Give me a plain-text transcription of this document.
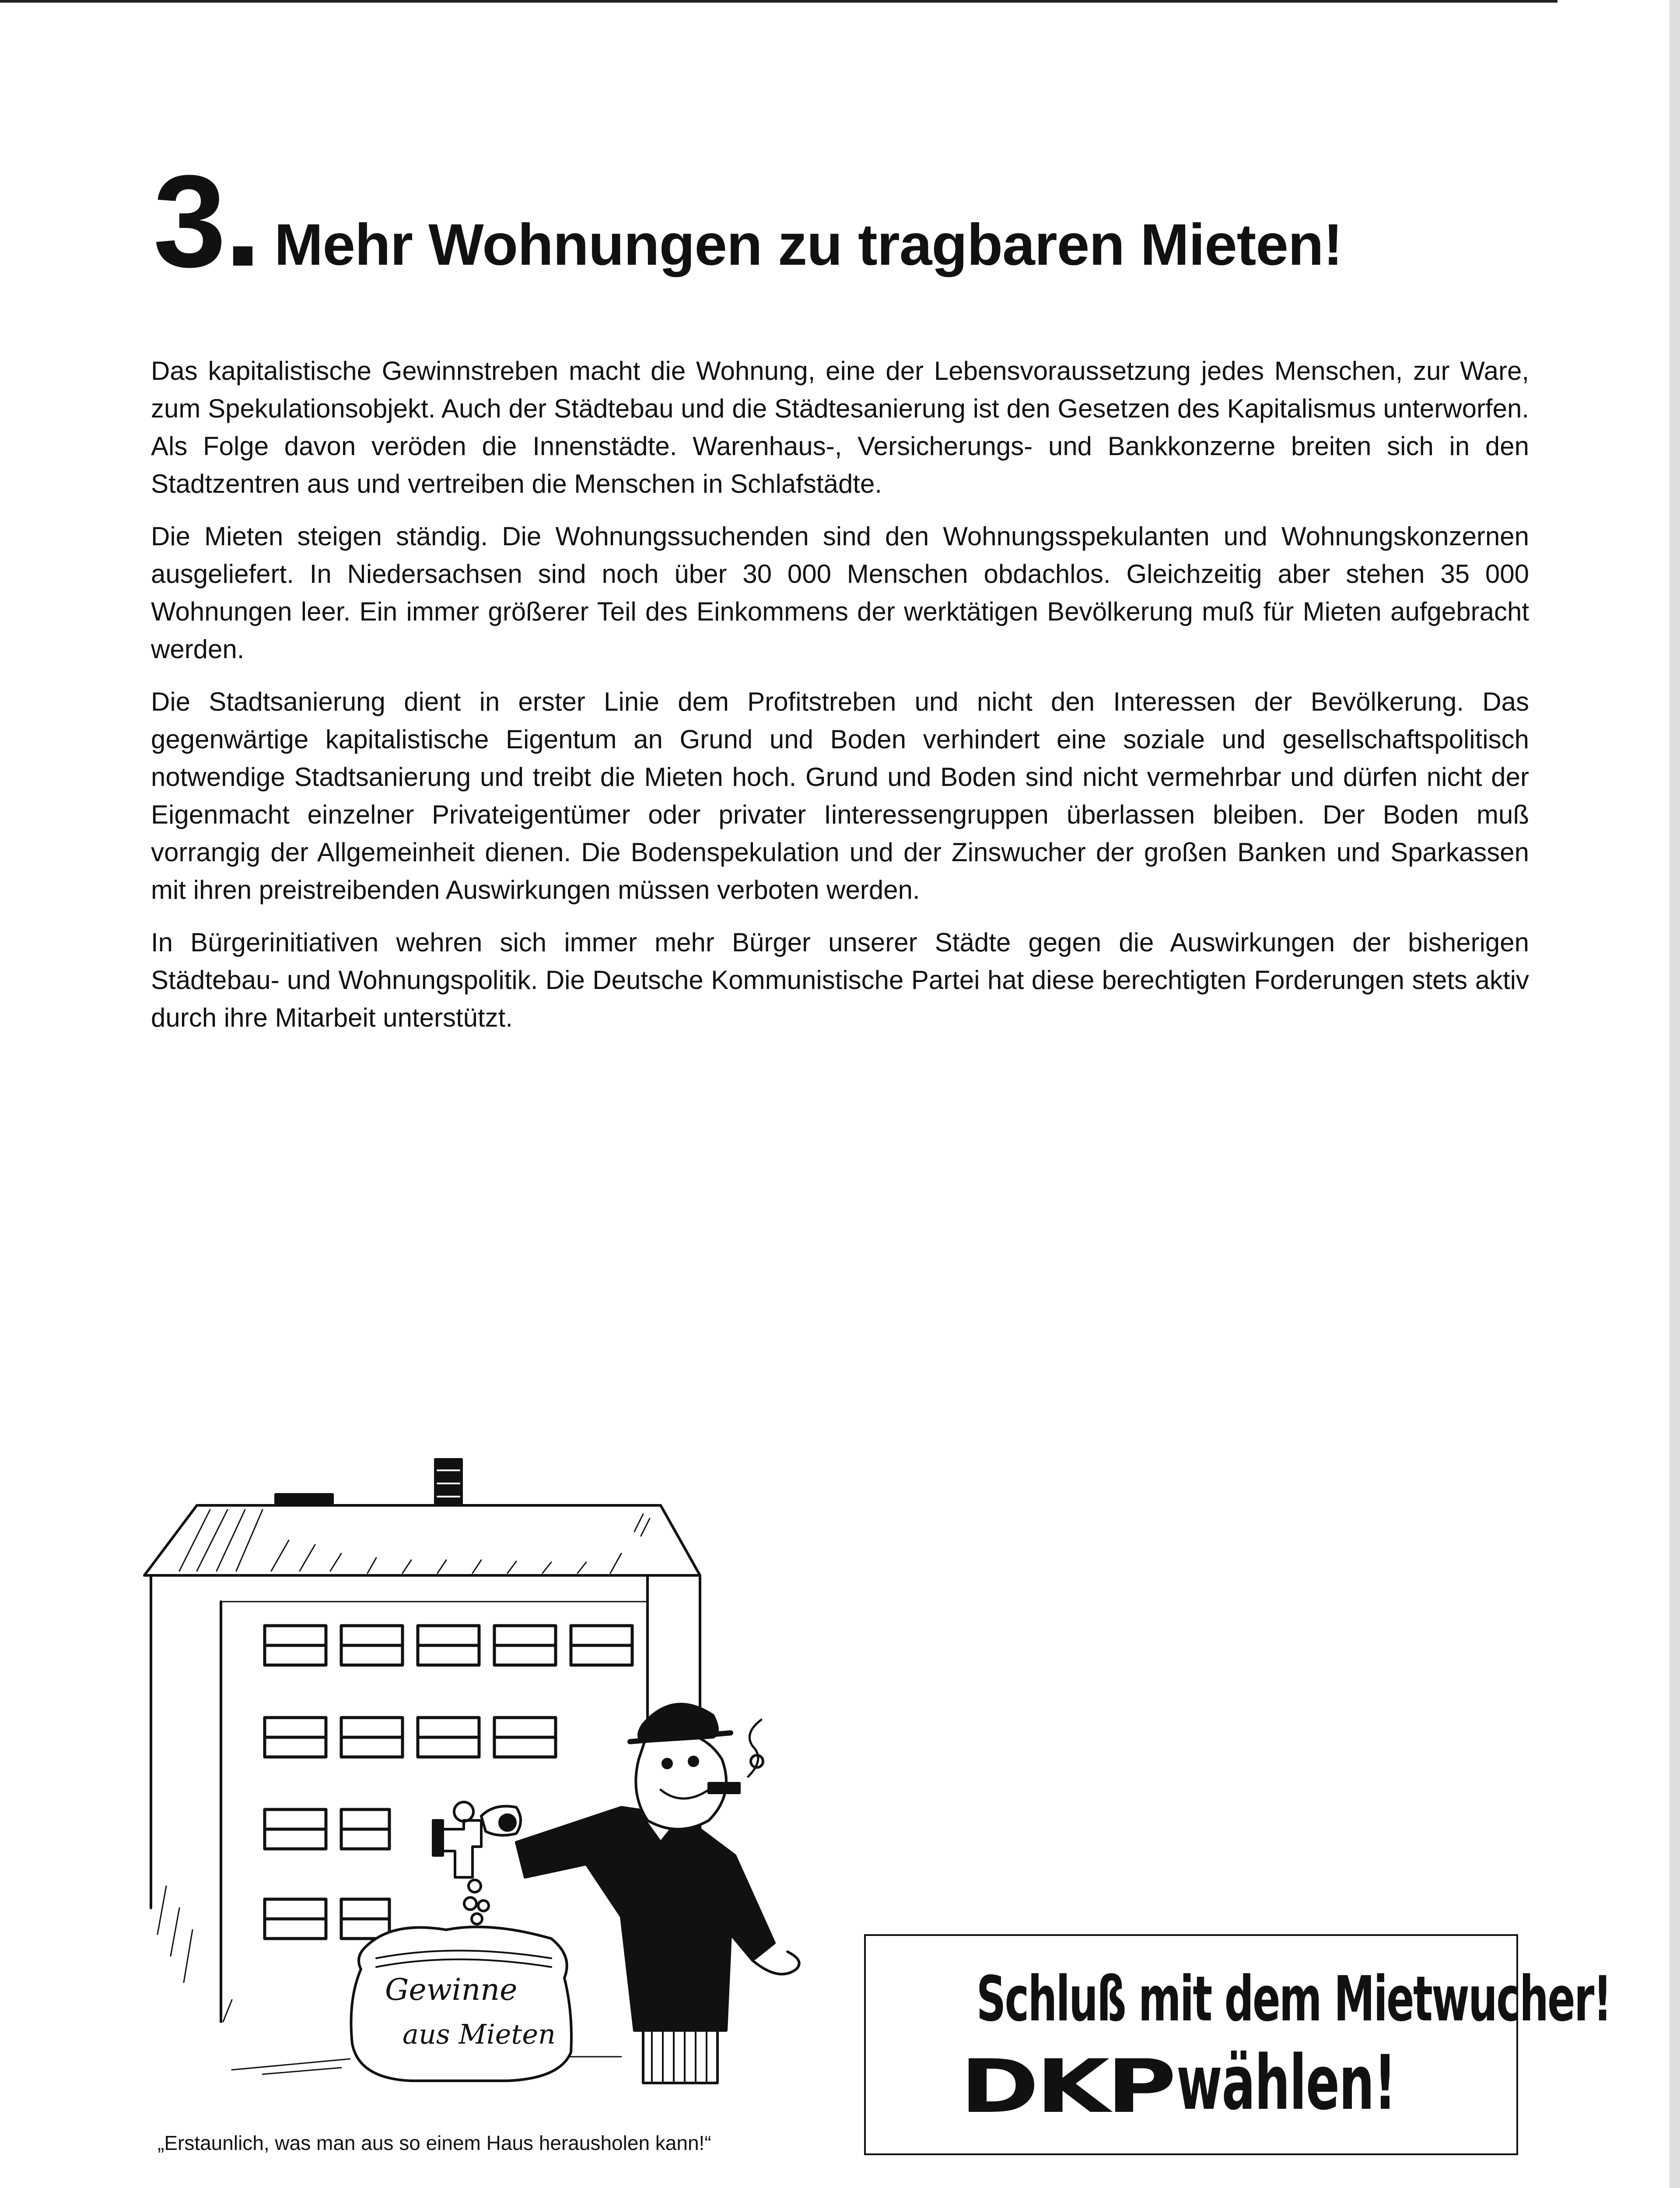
3 Mehr Wohnungen zu tragbaren Mieten!

Das kapitalistische Gewinnstreben macht die Wohnung, eine der Lebensvoraussetzung jedes Menschen, zur Ware, zum Spekulationsobjekt. Auch der Städtebau und die Städtesanierung ist den Gesetzen des Kapitalismus unterworfen. Als Folge davon veröden die Innenstädte. Warenhaus-, Versicherungs- und Bankkonzerne breiten sich in den Stadtzentren aus und vertreiben die Menschen in Schlafstädte.

Die Mieten steigen ständig. Die Wohnungssuchenden sind den Wohnungsspekulanten und Wohnungskonzernen ausgeliefert. In Niedersachsen sind noch über 30 000 Menschen obdachlos. Gleichzeitig aber stehen 35 000 Wohnungen leer. Ein immer größerer Teil des Einkommens der werktätigen Bevölkerung muß für Mieten aufgebracht werden.

Die Stadtsanierung dient in erster Linie dem Profitstreben und nicht den Interessen der Bevölkerung. Das gegenwärtige kapitalistische Eigentum an Grund und Boden verhindert eine soziale und gesellschaftspolitisch notwendige Stadtsanierung und treibt die Mieten hoch. Grund und Boden sind nicht vermehrbar und dürfen nicht der Eigenmacht einzelner Privateigentümer oder privater Iinteressengruppen überlassen bleiben. Der Boden muß vorrangig der Allgemeinheit dienen. Die Bodenspekulation und der Zinswucher der großen Banken und Sparkassen mit ihren preistreibenden Auswirkungen müssen verboten werden.

In Bürgerinitiativen wehren sich immer mehr Bürger unserer Städte gegen die Auswirkungen der bisherigen Städtebau- und Wohnungspolitik. Die Deutsche Kommunistische Partei hat diese berechtigten Forderungen stets aktiv durch ihre Mitarbeit unterstützt.

Gewinne
aus Mieten
„Erstaunlich, was man aus so einem Haus herausholen kann!“
Schluß mit dem Mietwucher!
DKP wählen!
